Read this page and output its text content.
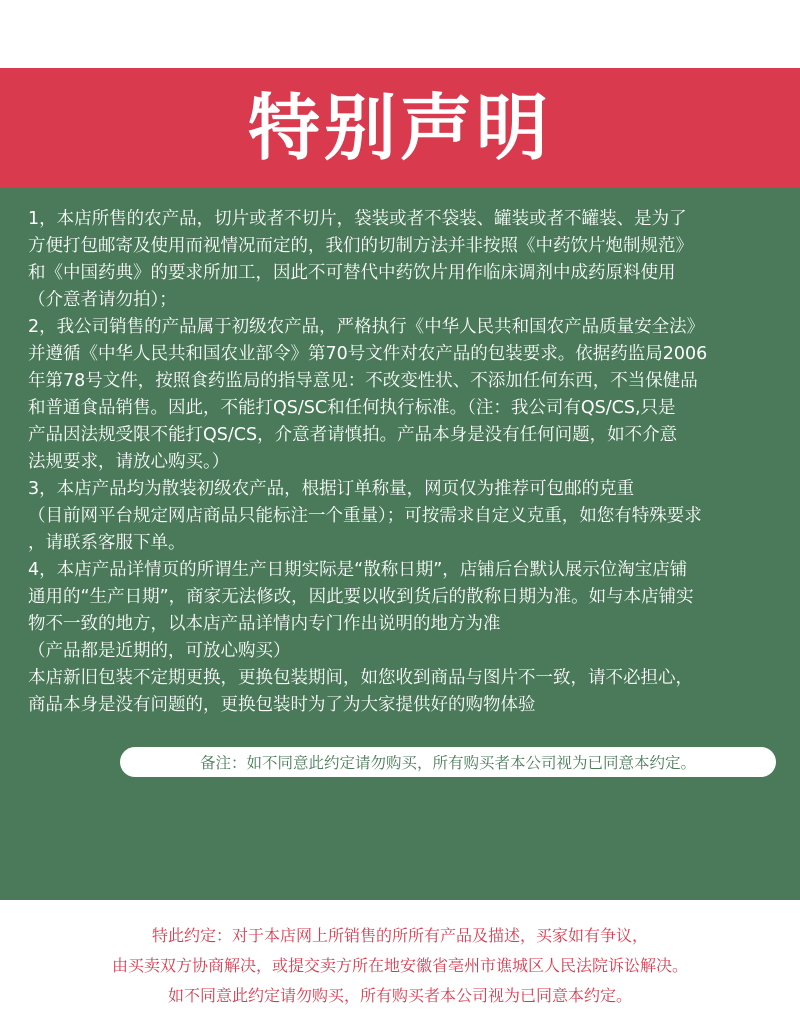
特别声明
1，本店所售的农产品，切片或者不切片，袋装或者不袋装、罐装或者不罐装、是为了
方便打包邮寄及使用而视情况而定的，我们的切制方法并非按照《中药饮片炮制规范》
和《中国药典》的要求所加工，因此不可替代中药饮片用作临床调剂中成药原料使用
（介意者请勿拍）；
2，我公司销售的产品属于初级农产品，严格执行《中华人民共和国农产品质量安全法》
并遵循《中华人民共和国农业部令》第70号文件对农产品的包装要求。依据药监局2006
年第78号文件，按照食药监局的指导意见：不改变性状、不添加任何东西，不当保健品
和普通食品销售。因此，不能打QS/SC和任何执行标准。（注：我公司有QS/CS,只是
产品因法规受限不能打QS/CS，介意者请慎拍。产品本身是没有任何问题，如不介意
法规要求，请放心购买。）
3，本店产品均为散装初级农产品，根据订单称量，网页仅为推荐可包邮的克重
（目前网平台规定网店商品只能标注一个重量）；可按需求自定义克重，如您有特殊要求
，请联系客服下单。
4，本店产品详情页的所谓生产日期实际是“散称日期”，店铺后台默认展示位淘宝店铺
通用的“生产日期”，商家无法修改，因此要以收到货后的散称日期为准。如与本店铺实
物不一致的地方，以本店产品详情内专门作出说明的地方为准
（产品都是近期的，可放心购买）
本店新旧包装不定期更换，更换包装期间，如您收到商品与图片不一致，请不必担心，
商品本身是没有问题的，更换包装时为了为大家提供好的购物体验
备注：如不同意此约定请勿购买，所有购买者本公司视为已同意本约定。
特此约定：对于本店网上所销售的所所有产品及描述，买家如有争议，
由买卖双方协商解决，或提交卖方所在地安徽省亳州市谯城区人民法院诉讼解决。
如不同意此约定请勿购买，所有购买者本公司视为已同意本约定。
